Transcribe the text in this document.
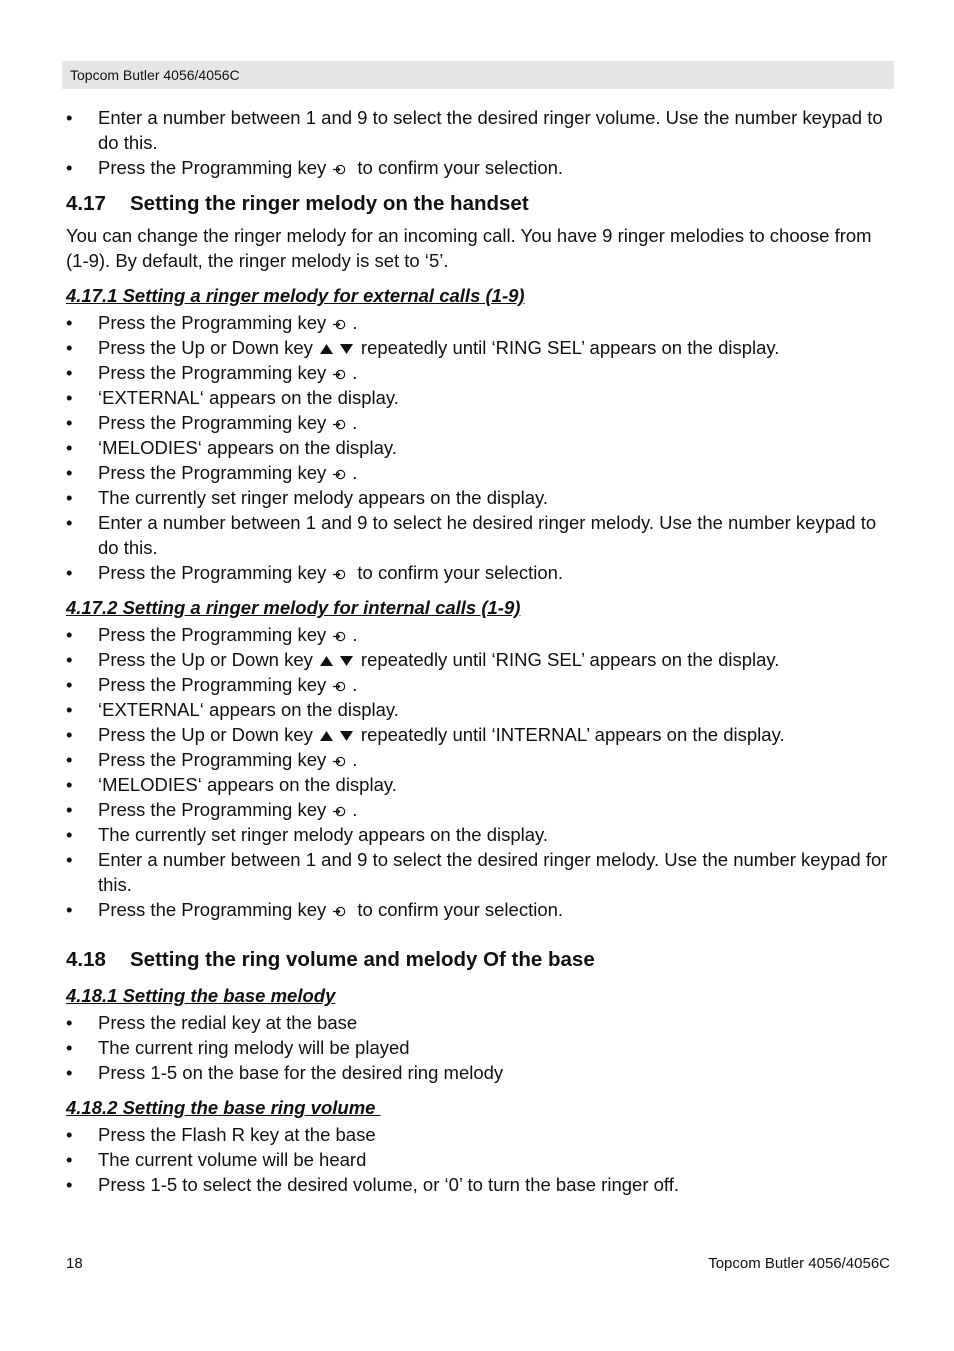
Topcom Butler 4056/4056C
• Enter a number between 1 and 9 to select the desired ringer volume. Use the number keypad to do this.
• Press the Programming key to confirm your selection.
4.17 Setting the ringer melody on the handset

You can change the ringer melody for an incoming call. You have 9 ringer melodies to choose from (1-9). By default, the ringer melody is set to ‘5’.

4.17.1 Setting a ringer melody for external calls (1-9)
• Press the Programming key .
• Press the Up or Down key	repeatedly until ‘RING SEL’ appears on the display.
• Press the Programming key .
• ‘EXTERNAL‘ appears on the display.
• Press the Programming key .
• ‘MELODIES‘ appears on the display.
• Press the Programming key .
• The currently set ringer melody appears on the display.
• Enter a number between 1 and 9 to select he desired ringer melody. Use the number keypad to do this.
• Press the Programming key to confirm your selection.
4.17.2 Setting a ringer melody for internal calls (1-9)
• Press the Programming key .
• Press the Up or Down key	repeatedly until ‘RING SEL’ appears on the display.
• Press the Programming key .
• ‘EXTERNAL‘ appears on the display.
• Press the Up or Down key	repeatedly until ‘INTERNAL’ appears on the display.
• Press the Programming key .
• ‘MELODIES‘ appears on the display.
• Press the Programming key .
• The currently set ringer melody appears on the display.
• Enter a number between 1 and 9 to select the desired ringer melody. Use the number keypad for this.
• Press the Programming key to confirm your selection.
4.18 Setting the ring volume and melody Of the base
4.18.1 Setting the base melody
• Press the redial key at the base
• The current ring melody will be played
• Press 1-5 on the base for the desired ring melody
4.18.2 Setting the base ring volume
• Press the Flash R key at the base
• The current volume will be heard
• Press 1-5 to select the desired volume, or ‘0’ to turn the base ringer off.
18	Topcom Butler 4056/4056C
